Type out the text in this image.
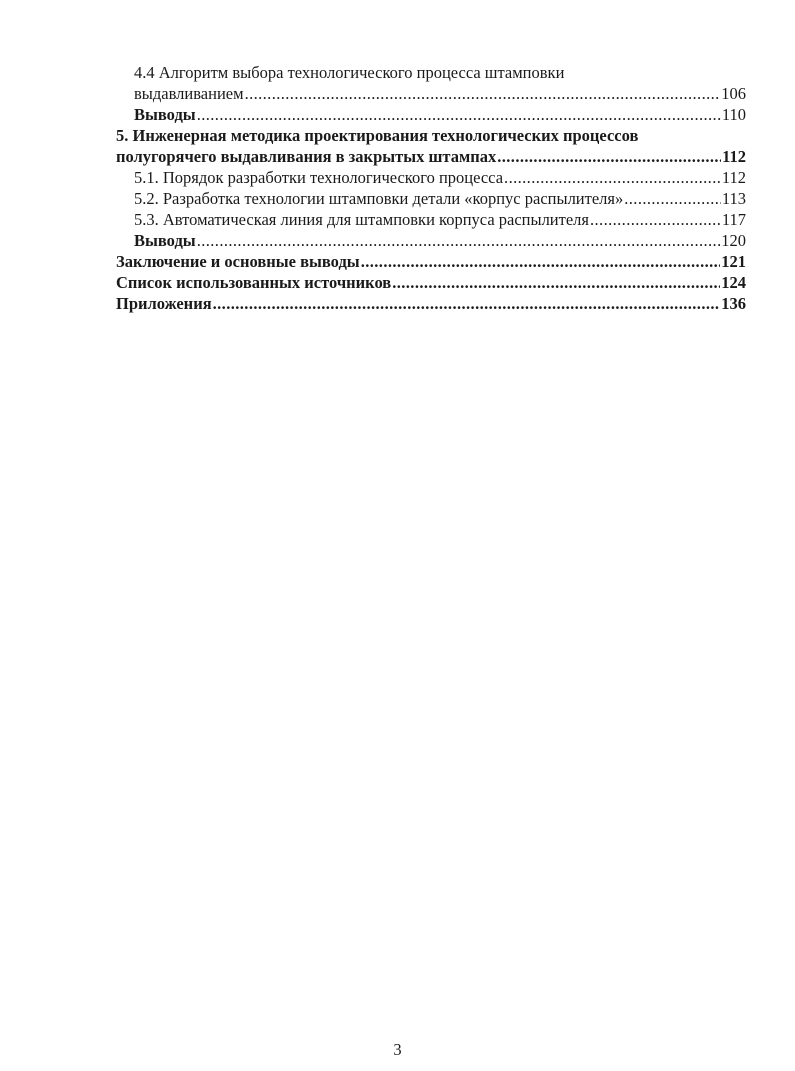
4.4 Алгоритм выбора технологического процесса штамповки
выдавливанием .....	106
Выводы .....	110
5. Инженерная методика проектирования технологических процессов
полугорячего выдавливания в закрытых штампах .....	112
5.1. Порядок разработки технологического процесса .....	112
5.2. Разработка технологии штамповки детали «корпус распылителя» .....	113
5.3. Автоматическая линия для штамповки корпуса распылителя .....	117
Выводы .....	120
Заключение и основные выводы .....	121
Список использованных источников .....	124
Приложения .....	136
3
